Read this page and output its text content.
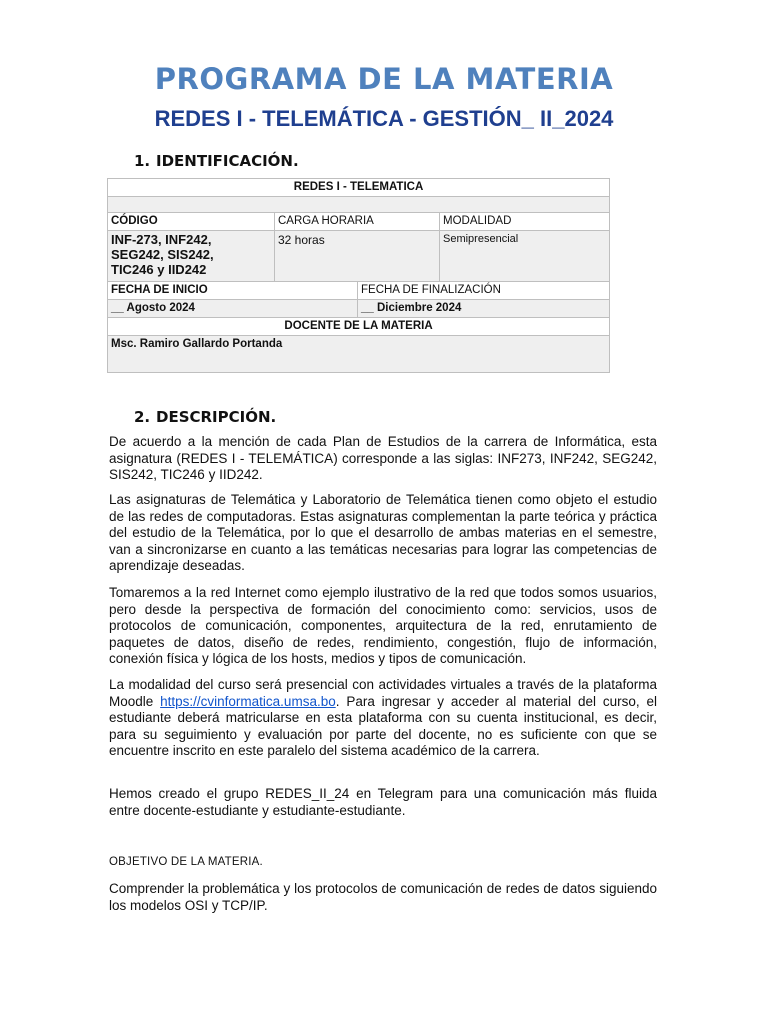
PROGRAMA DE LA MATERIA
REDES I - TELEMÁTICA - GESTIÓN_ II_2024
1. IDENTIFICACIÓN.
REDES I - TELEMATICA			

CÓDIGO	CARGA HORARIA		MODALIDAD

INF-273, INF242,
SEG242, SIS242,
TIC246 y IID242	32 horas		Semipresencial
FECHA DE INICIO		FECHA DE FINALIZACIÓN	
__ Agosto 2024		__ Diciembre 2024	
DOCENTE DE LA MATERIA			
Msc. Ramiro Gallardo Portanda			
2. DESCRIPCIÓN.
De acuerdo a la mención de cada Plan de Estudios de la carrera de Informática, esta asignatura (REDES I - TELEMÁTICA) corresponde a las siglas: INF273, INF242, SEG242, SIS242, TIC246 y IID242.
Las asignaturas de Telemática y Laboratorio de Telemática tienen como objeto el estudio de las redes de computadoras. Estas asignaturas complementan la parte teórica y práctica del estudio de la Telemática, por lo que el desarrollo de ambas materias en el semestre, van a sincronizarse en cuanto a las temáticas necesarias para lograr las competencias de aprendizaje deseadas.
Tomaremos a la red Internet como ejemplo ilustrativo de la red que todos somos usuarios, pero desde la perspectiva de formación del conocimiento como: servicios, usos de protocolos de comunicación, componentes, arquitectura de la red, enrutamiento de paquetes de datos, diseño de redes, rendimiento, congestión, flujo de información, conexión física y lógica de los hosts, medios y tipos de comunicación.
La modalidad del curso será presencial con actividades virtuales a través de la plataforma Moodle https://cvinformatica.umsa.bo. Para ingresar y acceder al material del curso, el estudiante deberá matricularse en esta plataforma con su cuenta institucional, es decir, para su seguimiento y evaluación por parte del docente, no es suficiente con que se encuentre inscrito en este paralelo del sistema académico de la carrera.
Hemos creado el grupo REDES_II_24 en Telegram para una comunicación más fluida entre docente-estudiante y estudiante-estudiante.
OBJETIVO DE LA MATERIA.
Comprender la problemática y los protocolos de comunicación de redes de datos siguiendo los modelos OSI y TCP/IP.
